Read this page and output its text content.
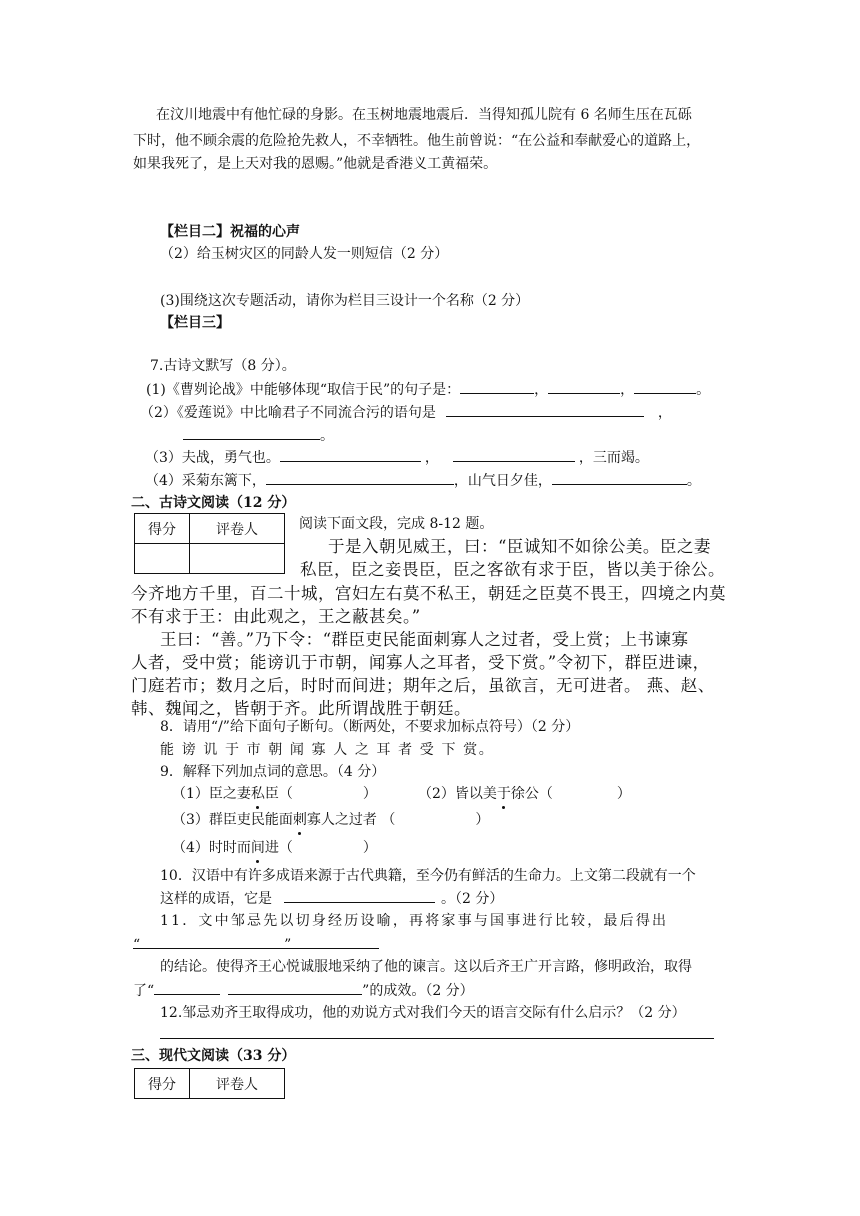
在汶川地震中有他忙碌的身影。在玉树地震地震后．当得知孤儿院有 6 名师生压在瓦砾
下时，他不顾余震的危险抢先救人，不幸牺牲。他生前曾说：“在公益和奉献爱心的道路上，
如果我死了，是上天对我的恩赐。”他就是香港义工黄福荣。
【栏目二】祝福的心声
（2）给玉树灾区的同龄人发一则短信（2 分）
(3)围绕这次专题活动，请你为栏目三设计一个名称（2 分）
【栏目三】
7.古诗文默写（8 分）。
(1)《曹刿论战》中能够体现“取信于民”的句子是：	，	，	。
（2）《爱莲说》中比喻君子不同流合污的语句是	，
。
（3）夫战，勇气也。	，	，三而竭。
（4）采菊东篱下，	，山气日夕佳，	。
二、古诗文阅读（12 分）
得分	评卷人
		阅读下面文段，完成 8-12 题。
于是入朝见威王，曰：“臣诚知不如徐公美。臣之妻
私臣，臣之妾畏臣，臣之客欲有求于臣，皆以美于徐公。
今齐地方千里，百二十城，宫妇左右莫不私王，朝廷之臣莫不畏王，四境之内莫
不有求于王：由此观之，王之蔽甚矣。”
王曰：“善。”乃下令：“群臣吏民能面刺寡人之过者，受上赏；上书谏寡
人者，受中赏；能谤讥于市朝，闻寡人之耳者，受下赏。”令初下，群臣进谏，
门庭若市；数月之后，时时而间进；期年之后，虽欲言，无可进者。 燕、赵、
韩、魏闻之，皆朝于齐。此所谓战胜于朝廷。
8．请用“/”给下面句子断句。（断两处，不要求加标点符号）（2 分）
能 谤 讥 于 市 朝 闻 寡 人 之 耳 者 受 下 赏。
9．解释下列加点词的意思。（4 分）
（1）臣之妻私臣（	）	（2）皆以美于徐公（	）
（3）群臣吏民能面刺寡人之过者 （	）
（4）时时而间进（	）
10．汉语中有许多成语来源于古代典籍，至今仍有鲜活的生命力。上文第二段就有一个
这样的成语，它是	。（2 分）
11．文中邹忌先以切身经历设喻，再将家事与国事进行比较，最后得出
“	”
的结论。使得齐王心悦诚服地采纳了他的谏言。这以后齐王广开言路，修明政治，取得
了“	”的成效。（2 分）
12.邹忌劝齐王取得成功，他的劝说方式对我们今天的语言交际有什么启示？（2 分）
三、现代文阅读（33 分）
得分	评卷人
